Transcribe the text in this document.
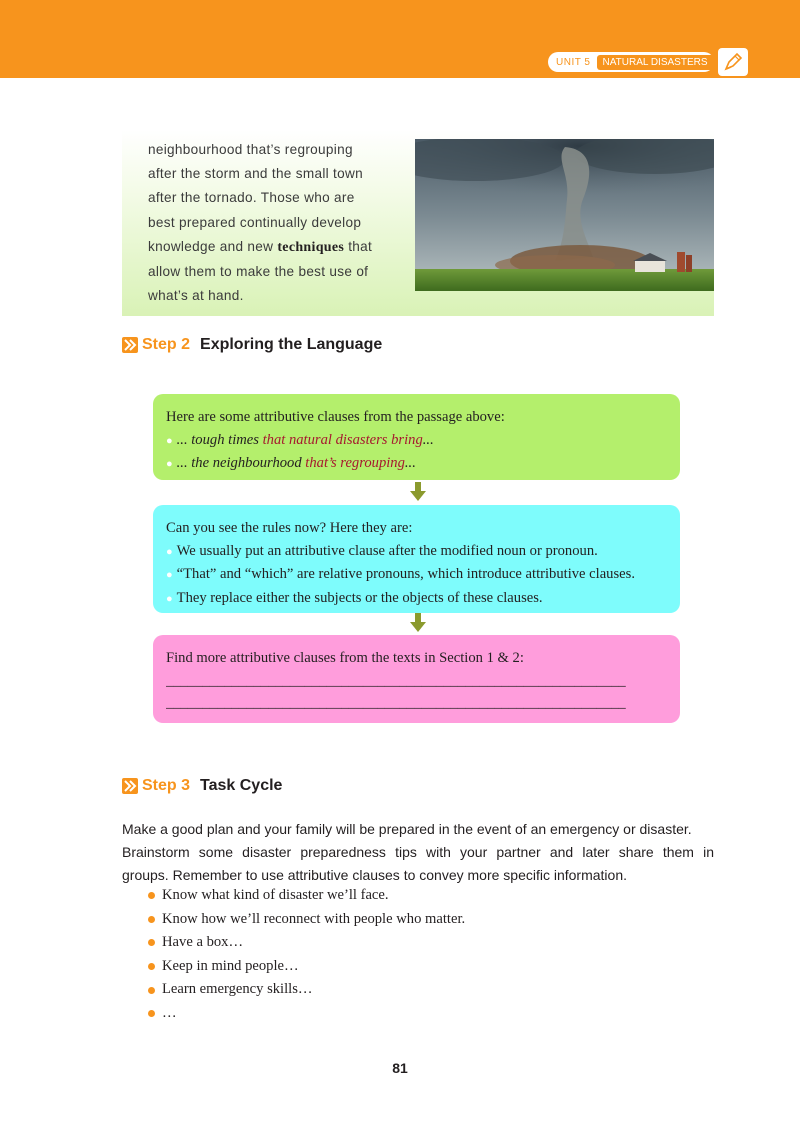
UNIT 5	NATURAL DISASTERS
neighbourhood that’s regrouping
after the storm and the small town
after the tornado. Those who are
best prepared continually develop
knowledge and new techniques that
allow them to make the best use of
what’s at hand.
Step 2 Exploring the Language
Here are some attributive clauses from the passage above:
● ... tough times that natural disasters bring...
● ... the neighbourhood that’s regrouping...
Can you see the rules now? Here they are:
● We usually put an attributive clause after the modified noun or pronoun.
● “That” and “which” are relative pronouns, which introduce attributive clauses.
● They replace either the subjects or the objects of these clauses.
Find more attributive clauses from the texts in Section 1 & 2:
_______________________________________________________________
_______________________________________________________________
Step 3 Task Cycle
Make a good plan and your family will be prepared in the event of an emergency or disaster.
Brainstorm some disaster preparedness tips with your partner and later share them in
groups. Remember to use attributive clauses to convey more specific information.
Know what kind of disaster we’ll face.
Know how we’ll reconnect with people who matter.
Have a box…
Keep in mind people…
Learn emergency skills…
…
81
